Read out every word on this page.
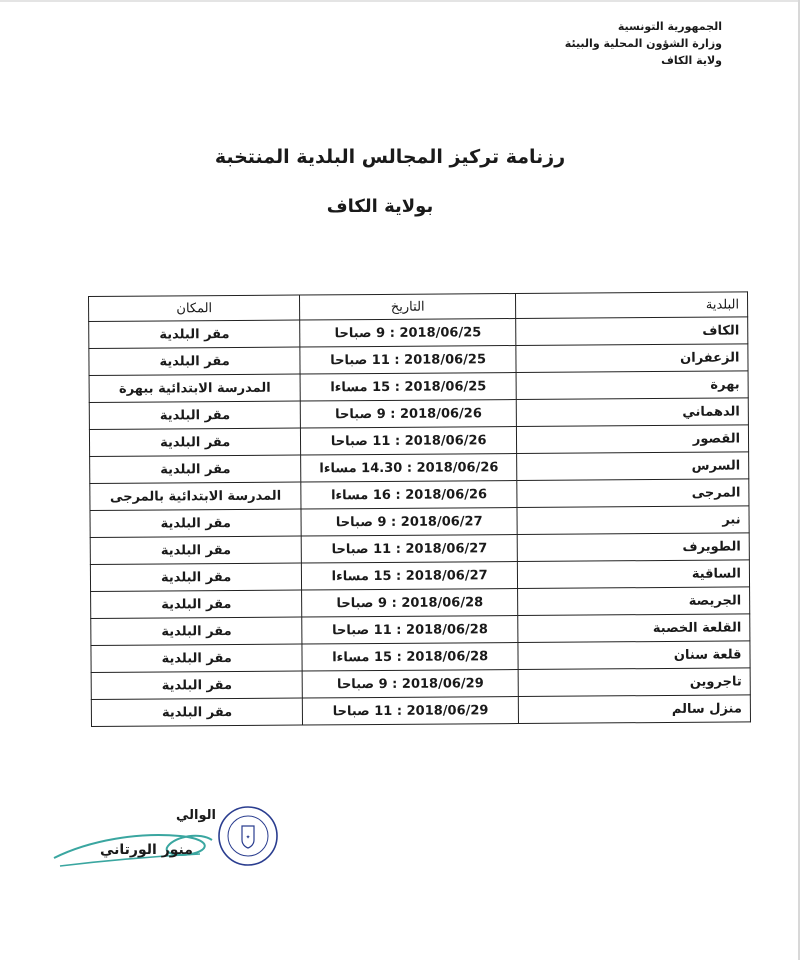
الجمهورية التونسية
وزارة الشؤون المحلية والبيئة
ولاية الكاف
رزنامة تركيز المجالس البلدية المنتخبة
بولاية الكاف
البلدية	التاريخ	المكان
الكاف	2018/06/25 : 9 صباحا	مقر البلدية
الزعفران	2018/06/25 : 11 صباحا	مقر البلدية
بهرة	2018/06/25 : 15 مساءا	المدرسة الابتدائية ببهرة
الدهماني	2018/06/26 : 9 صباحا	مقر البلدية
القصور	2018/06/26 : 11 صباحا	مقر البلدية
السرس	2018/06/26 : 14.30 مساءا	مقر البلدية
المرجى	2018/06/26 : 16 مساءا	المدرسة الابتدائية بالمرجى
نبر	2018/06/27 : 9 صباحا	مقر البلدية
الطويرف	2018/06/27 : 11 صباحا	مقر البلدية
الساقية	2018/06/27 : 15 مساءا	مقر البلدية
الجريصة	2018/06/28 : 9 صباحا	مقر البلدية
القلعة الخصبة	2018/06/28 : 11 صباحا	مقر البلدية
قلعة سنان	2018/06/28 : 15 مساءا	مقر البلدية
تاجروين	2018/06/29 : 9 صباحا	مقر البلدية
منزل سالم	2018/06/29 : 11 صباحا	مقر البلدية
✦
الوالي
منور الورتاني
